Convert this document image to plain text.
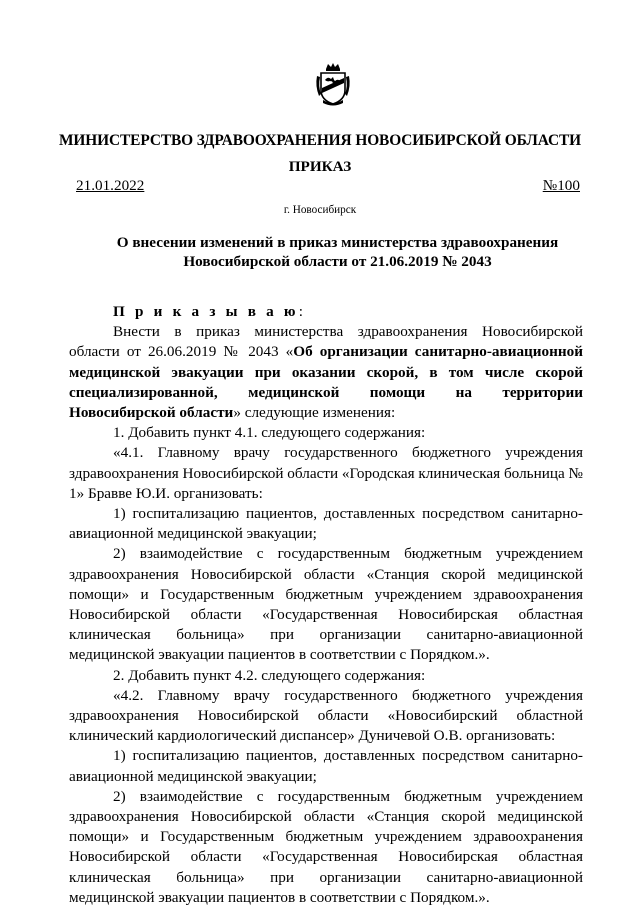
МИНИСТЕРСТВО ЗДРАВООХРАНЕНИЯ НОВОСИБИРСКОЙ ОБЛАСТИ
ПРИКАЗ
21.01.2022	№100
г. Новосибирск
О внесении изменений в приказ министерства здравоохранения
Новосибирской области от 21.06.2019 № 2043

П р и к а з ы в а ю:

Внести в приказ министерства здравоохранения Новосибирской области от 26.06.2019 № 2043 «Об организации санитарно-авиационной медицинской эвакуации при оказании скорой, в том числе скорой специализированной, медицинской помощи на территории Новосибирской области» следующие изменения:

1. Добавить пункт 4.1. следующего содержания:

«4.1. Главному врачу государственного бюджетного учреждения здравоохранения Новосибирской области «Городская клиническая больница № 1» Бравве Ю.И. организовать:

1) госпитализацию пациентов, доставленных посредством санитарно-авиационной медицинской эвакуации;

2) взаимодействие с государственным бюджетным учреждением здравоохранения Новосибирской области «Станция скорой медицинской помощи» и Государственным бюджетным учреждением здравоохранения Новосибирской области «Государственная Новосибирская областная клиническая больница» при организации санитарно-авиационной медицинской эвакуации пациентов в соответствии с Порядком.».

2. Добавить пункт 4.2. следующего содержания:

«4.2. Главному врачу государственного бюджетного учреждения здравоохранения Новосибирской области «Новосибирский областной клинический кардиологический диспансер» Дуничевой О.В. организовать:

1) госпитализацию пациентов, доставленных посредством санитарно-авиационной медицинской эвакуации;

2) взаимодействие с государственным бюджетным учреждением здравоохранения Новосибирской области «Станция скорой медицинской помощи» и Государственным бюджетным учреждением здравоохранения Новосибирской области «Государственная Новосибирская областная клиническая больница» при организации санитарно-авиационной медицинской эвакуации пациентов в соответствии с Порядком.».
